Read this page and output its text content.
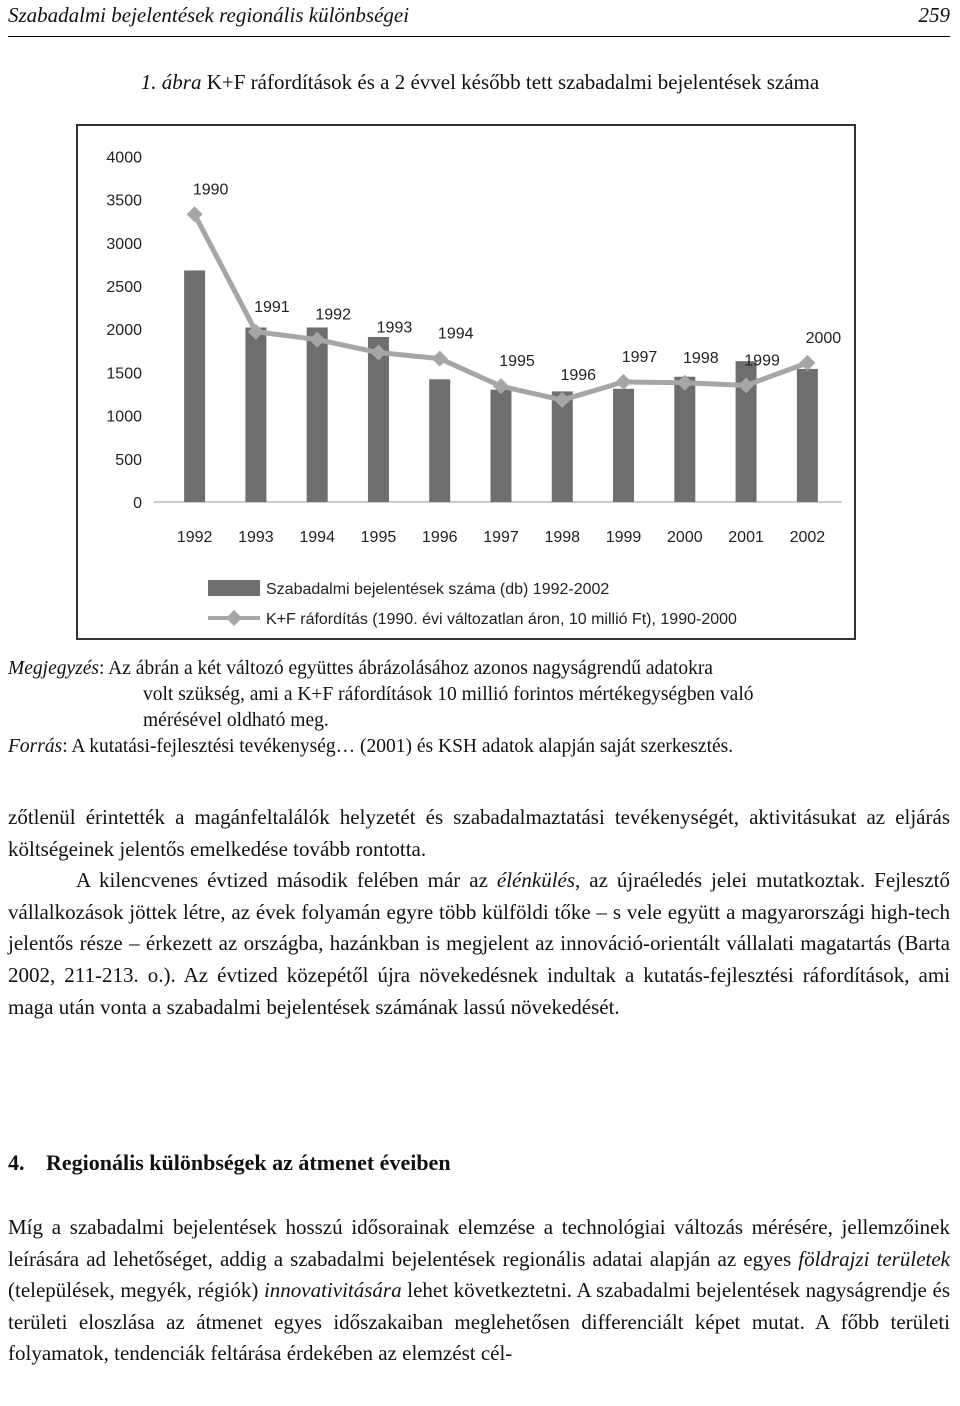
Szabadalmi bejelentések regionális különbségei	259
1. ábra K+F ráfordítások és a 2 évvel később tett szabadalmi bejelentések száma
4000
3500
3000
2500
2000
1500
1000
500
0
1992 1993 1994 1995 1996 1997 1998 1999 2000 2001 2002
1990
1991 1992
1993 1994
1995
1996
1997 1998 1999
2000
Szabadalmi bejelentések száma (db) 1992-2002
K+F ráfordítás (1990. évi változatlan áron, 10 millió Ft), 1990-2000
Megjegyzés: Az ábrán a két változó együttes ábrázolásához azonos nagyságrendű adatokra
volt szükség, ami a K+F ráfordítások 10 millió forintos mértékegységben való
mérésével oldható meg.
Forrás: A kutatási-fejlesztési tevékenység… (2001) és KSH adatok alapján saját szerkesztés.

zőtlenül érintették a magánfeltalálók helyzetét és szabadalmaztatási tevékenységét, aktivitásukat az eljárás költségeinek jelentős emelkedése tovább rontotta.

A kilencvenes évtized második felében már az élénkülés, az újraéledés jelei mutatkoztak. Fejlesztő vállalkozások jöttek létre, az évek folyamán egyre több külföldi tőke – s vele együtt a magyarországi high-tech jelentős része – érkezett az országba, hazánkban is megjelent az innováció-orientált vállalati magatartás (Barta 2002, 211-213. o.). Az évtized közepétől újra növekedésnek indultak a kutatás-fejlesztési ráfordítások, ami maga után vonta a szabadalmi bejelentések számának lassú növekedését.

4. Regionális különbségek az átmenet éveiben

Míg a szabadalmi bejelentések hosszú idősorainak elemzése a technológiai változás mérésére, jellemzőinek leírására ad lehetőséget, addig a szabadalmi bejelentések regionális adatai alapján az egyes földrajzi területek (települések, megyék, régiók) innovativitására lehet következtetni. A szabadalmi bejelentések nagyságrendje és területi eloszlása az átmenet egyes időszakaiban meglehetősen differenciált képet mutat. A főbb területi folyamatok, tendenciák feltárása érdekében az elemzést cél-
